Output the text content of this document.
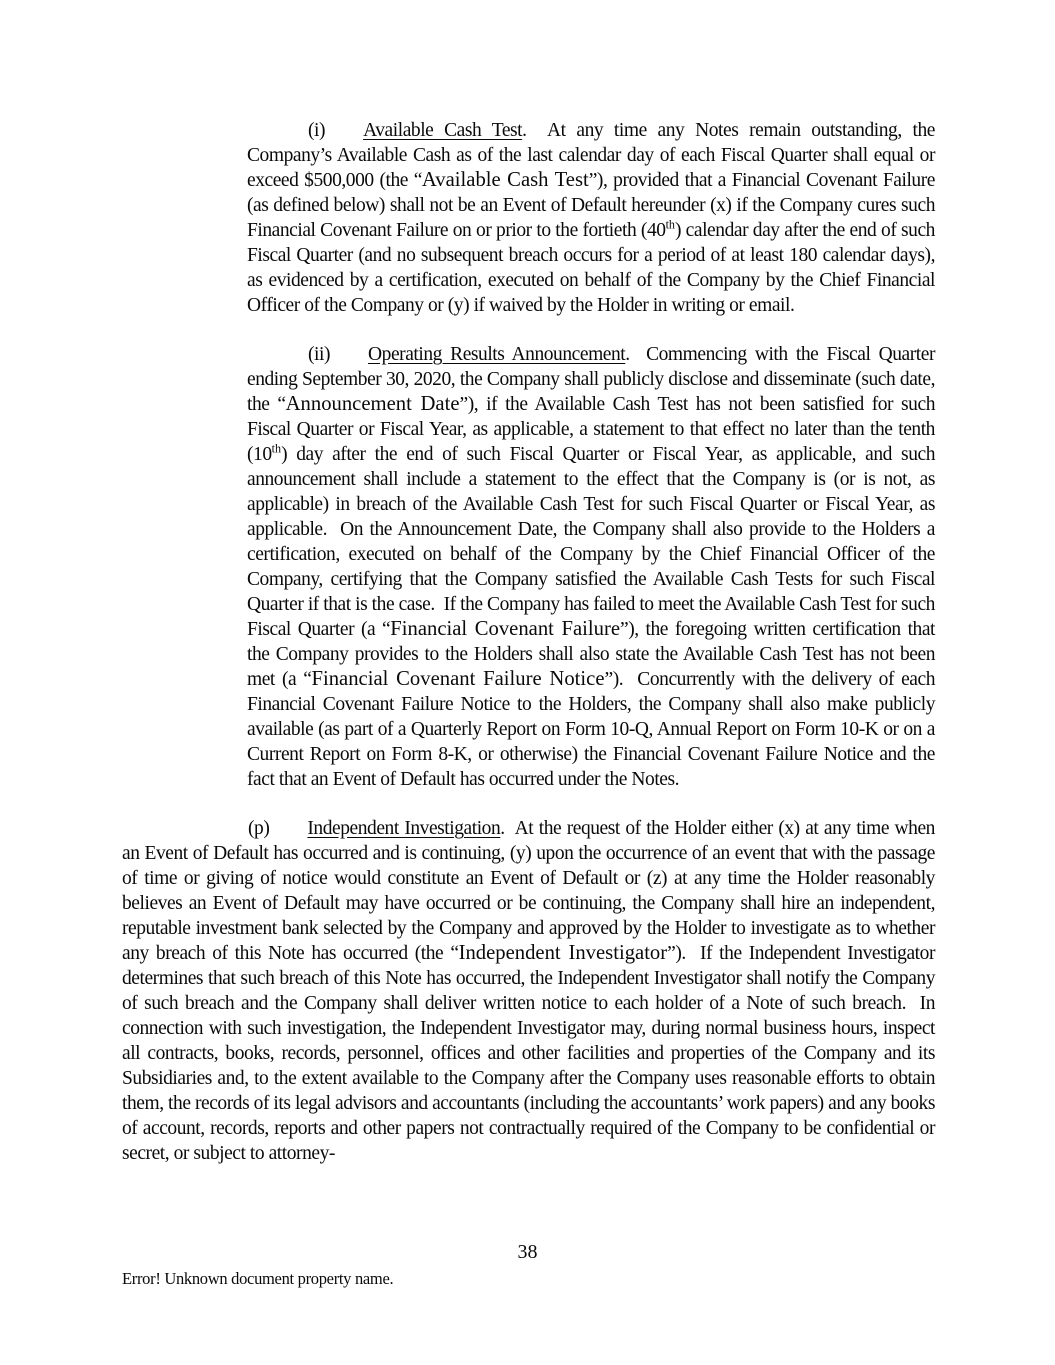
(i) Available Cash Test.  At any time any Notes remain outstanding, the Company’s Available Cash as of the last calendar day of each Fiscal Quarter shall equal or exceed $500,000 (the “Available Cash Test”), provided that a Financial Covenant Failure (as defined below) shall not be an Event of Default hereunder (x) if the Company cures such Financial Covenant Failure on or prior to the fortieth (40th) calendar day after the end of such Fiscal Quarter (and no subsequent breach occurs for a period of at least 180 calendar days), as evidenced by a certification, executed on behalf of the Company by the Chief Financial Officer of the Company or (y) if waived by the Holder in writing or email.

(ii) Operating Results Announcement.  Commencing with the Fiscal Quarter ending September 30, 2020, the Company shall publicly disclose and disseminate (such date, the “Announcement Date”), if the Available Cash Test has not been satisfied for such Fiscal Quarter or Fiscal Year, as applicable, a statement to that effect no later than the tenth (10th) day after the end of such Fiscal Quarter or Fiscal Year, as applicable, and such announcement shall include a statement to the effect that the Company is (or is not, as applicable) in breach of the Available Cash Test for such Fiscal Quarter or Fiscal Year, as applicable.  On the Announcement Date, the Company shall also provide to the Holders a certification, executed on behalf of the Company by the Chief Financial Officer of the Company, certifying that the Company satisfied the Available Cash Tests for such Fiscal Quarter if that is the case.  If the Company has failed to meet the Available Cash Test for such Fiscal Quarter (a “Financial Covenant Failure”), the foregoing written certification that the Company provides to the Holders shall also state the Available Cash Test has not been met (a “Financial Covenant Failure Notice”).  Concurrently with the delivery of each Financial Covenant Failure Notice to the Holders, the Company shall also make publicly available (as part of a Quarterly Report on Form 10-Q, Annual Report on Form 10-K or on a Current Report on Form 8-K, or otherwise) the Financial Covenant Failure Notice and the fact that an Event of Default has occurred under the Notes.

(p) Independent Investigation.  At the request of the Holder either (x) at any time when an Event of Default has occurred and is continuing, (y) upon the occurrence of an event that with the passage of time or giving of notice would constitute an Event of Default or (z) at any time the Holder reasonably believes an Event of Default may have occurred or be continuing, the Company shall hire an independent, reputable investment bank selected by the Company and approved by the Holder to investigate as to whether any breach of this Note has occurred (the “Independent Investigator”).  If the Independent Investigator determines that such breach of this Note has occurred, the Independent Investigator shall notify the Company of such breach and the Company shall deliver written notice to each holder of a Note of such breach.  In connection with such investigation, the Independent Investigator may, during normal business hours, inspect all contracts, books, records, personnel, offices and other facilities and properties of the Company and its Subsidiaries and, to the extent available to the Company after the Company uses reasonable efforts to obtain them, the records of its legal advisors and accountants (including the accountants’ work papers) and any books of account, records, reports and other papers not contractually required of the Company to be confidential or secret, or subject to attorney-

38
Error! Unknown document property name.
